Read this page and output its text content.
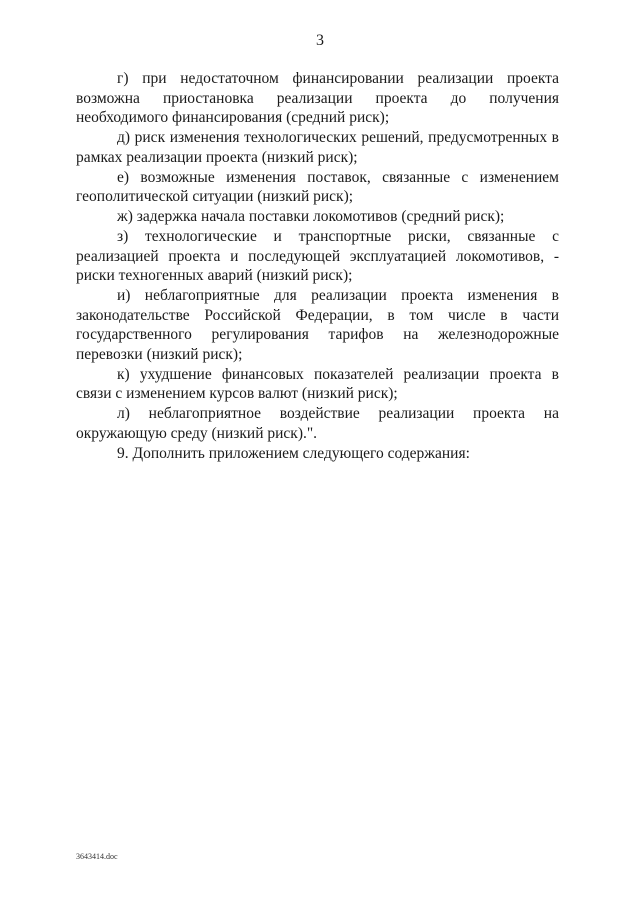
3

г) при недостаточном финансировании реализации проекта возможна приостановка реализации проекта до получения необходимого финансирования (средний риск);

д) риск изменения технологических решений, предусмотренных в рамках реализации проекта (низкий риск);

е) возможные изменения поставок, связанные с изменением геополитической ситуации (низкий риск);

ж) задержка начала поставки локомотивов (средний риск);

з) технологические и транспортные риски, связанные с реализацией проекта и последующей эксплуатацией локомотивов, - риски техногенных аварий (низкий риск);

и) неблагоприятные для реализации проекта изменения в законодательстве Российской Федерации, в том числе в части государственного регулирования тарифов на железнодорожные перевозки (низкий риск);

к) ухудшение финансовых показателей реализации проекта в связи с изменением курсов валют (низкий риск);

л) неблагоприятное воздействие реализации проекта на окружающую среду (низкий риск).".

9. Дополнить приложением следующего содержания:

3643414.doc
